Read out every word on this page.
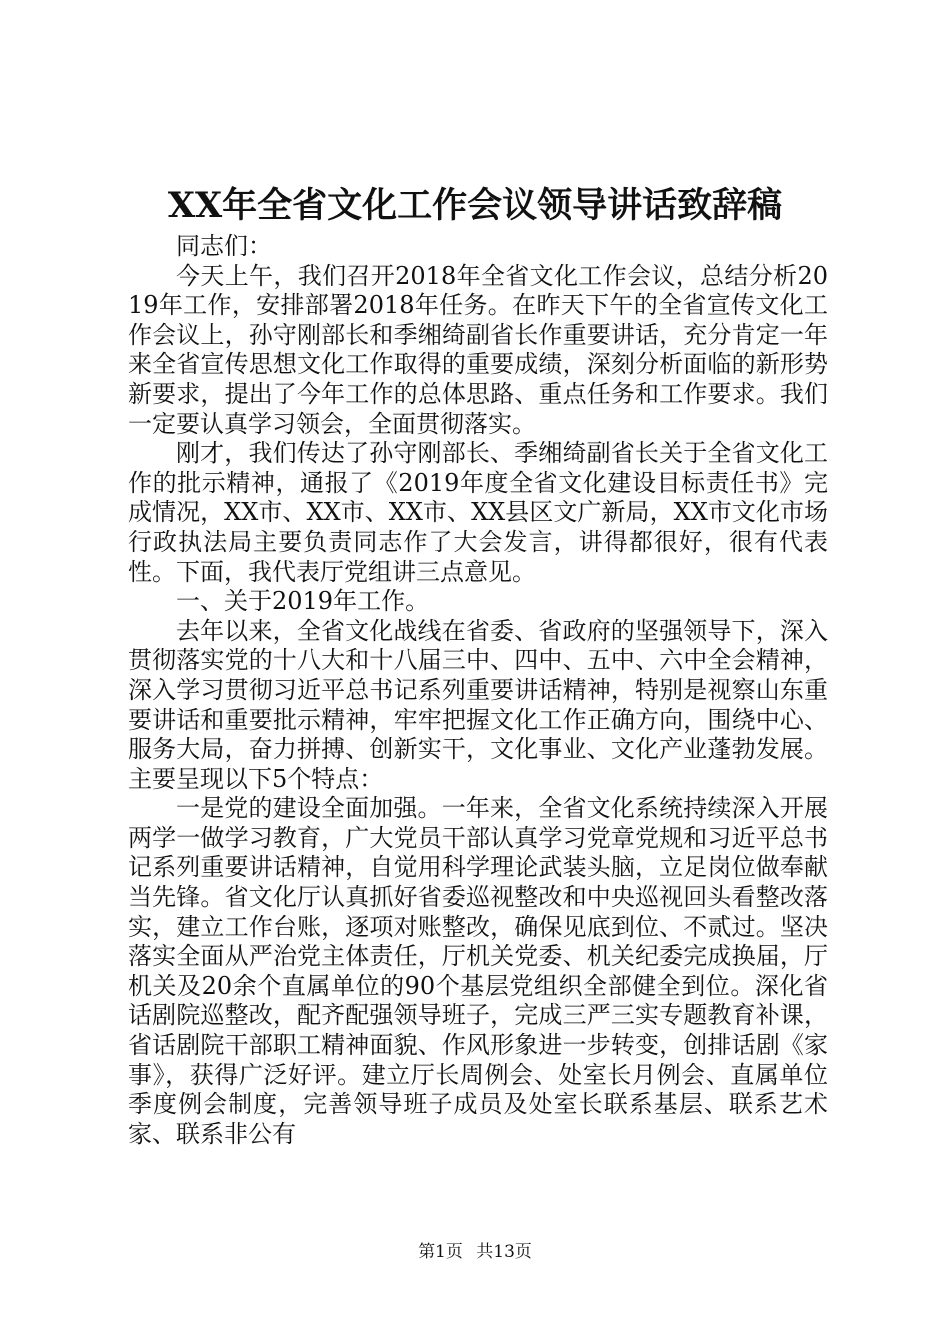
XX年全省文化工作会议领导讲话致辞稿

同志们：

今天上午，我们召开2018年全省文化工作会议，总结分析2019年工作，安排部署2018年任务。在昨天下午的全省宣传文化工作会议上，孙守刚部长和季缃绮副省长作重要讲话，充分肯定一年来全省宣传思想文化工作取得的重要成绩，深刻分析面临的新形势新要求，提出了今年工作的总体思路、重点任务和工作要求。我们一定要认真学习领会，全面贯彻落实。

刚才，我们传达了孙守刚部长、季缃绮副省长关于全省文化工作的批示精神，通报了《2019年度全省文化建设目标责任书》完成情况，XX市、XX市、XX市、XX县区文广新局，XX市文化市场行政执法局主要负责同志作了大会发言，讲得都很好，很有代表性。下面，我代表厅党组讲三点意见。

一、关于2019年工作。

去年以来，全省文化战线在省委、省政府的坚强领导下，深入贯彻落实党的十八大和十八届三中、四中、五中、六中全会精神，深入学习贯彻习近平总书记系列重要讲话精神，特别是视察山东重要讲话和重要批示精神，牢牢把握文化工作正确方向，围绕中心、服务大局，奋力拼搏、创新实干，文化事业、文化产业蓬勃发展。主要呈现以下5个特点：

一是党的建设全面加强。一年来，全省文化系统持续深入开展两学一做学习教育，广大党员干部认真学习党章党规和习近平总书记系列重要讲话精神，自觉用科学理论武装头脑，立足岗位做奉献当先锋。省文化厅认真抓好省委巡视整改和中央巡视回头看整改落实，建立工作台账，逐项对账整改，确保见底到位、不贰过。坚决落实全面从严治党主体责任，厅机关党委、机关纪委完成换届，厅机关及20余个直属单位的90个基层党组织全部健全到位。深化省话剧院巡整改，配齐配强领导班子，完成三严三实专题教育补课，省话剧院干部职工精神面貌、作风形象进一步转变，创排话剧《家事》，获得广泛好评。建立厅长周例会、处室长月例会、直属单位季度例会制度，完善领导班子成员及处室长联系基层、联系艺术家、联系非公有

第1页 共13页
